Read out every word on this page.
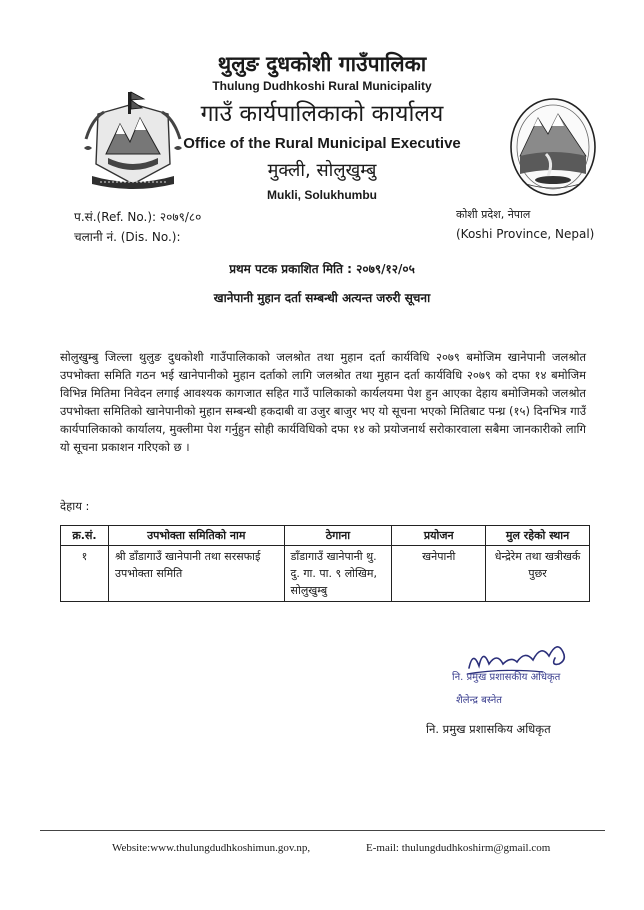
थुलुङ दुधकोशी गाउँपालिका
Thulung Dudhkoshi Rural Municipality
गाउँ कार्यपालिकाको कार्यालय
Office of the Rural Municipal Executive
मुक्ली, सोलुखुम्बु
Mukli, Solukhumbu
प.सं.(Ref. No.): २०७९/८०
चलानी नं. (Dis. No.):
कोशी प्रदेश, नेपाल
(Koshi Province, Nepal)
प्रथम पटक प्रकाशित मिति : २०७९/१२/०५
खानेपानी मुहान दर्ता सम्बन्धी अत्यन्त जरुरी सूचना
सोलुखुम्बु जिल्ला थुलुङ दुधकोशी गाउँपालिकाको जलश्रोत तथा मुहान दर्ता कार्यविधि २०७९ बमोजिम खानेपानी जलश्रोत उपभोक्ता समिति गठन भई खानेपानीको मुहान दर्ताको लागि जलश्रोत तथा मुहान दर्ता कार्यविधि २०७९ को दफा १४ बमोजिम विभिन्न मितिमा निवेदन लगाई आवश्यक कागजात सहित गाउँ पालिकाको कार्यलयमा पेश हुन आएका देहाय बमोजिमको जलश्रोत उपभोक्ता समितिको खानेपानीको मुहान सम्बन्धी हकदाबी वा उजुर बाजुर भए यो सूचना भएको मितिबाट पन्ध्र (१५) दिनभित्र गाउँ कार्यपालिकाको कार्यालय, मुक्लीमा पेश गर्नुहुन सोही कार्यविधिको दफा १४ को प्रयोजनार्थ सरोकारवाला सबैमा जानकारीको लागि यो सूचना प्रकाशन गरिएको छ ।
देहाय :
क्र.सं.	उपभोक्ता समितिको नाम	ठेगाना	प्रयोजन	मुल रहेको स्थान
१	श्री डाँडागाउँ खानेपानी तथा सरसफाई उपभोक्ता समिति	डाँडागाउँ खानेपानी थु. दु. गा. पा. ९ लोखिम, सोलुखुम्बु	खनेपानी	धेन्द्रेरेम तथा खत्रीखर्क पुछर
नि. प्रमुख प्रशासकीय अधिकृत
शैलेन्द्र बस्नेत
नि. प्रमुख प्रशासकिय अधिकृत
Website:www.thulungdudhkoshimun.gov.np,	E-mail: thulungdudhkoshirm@gmail.com
